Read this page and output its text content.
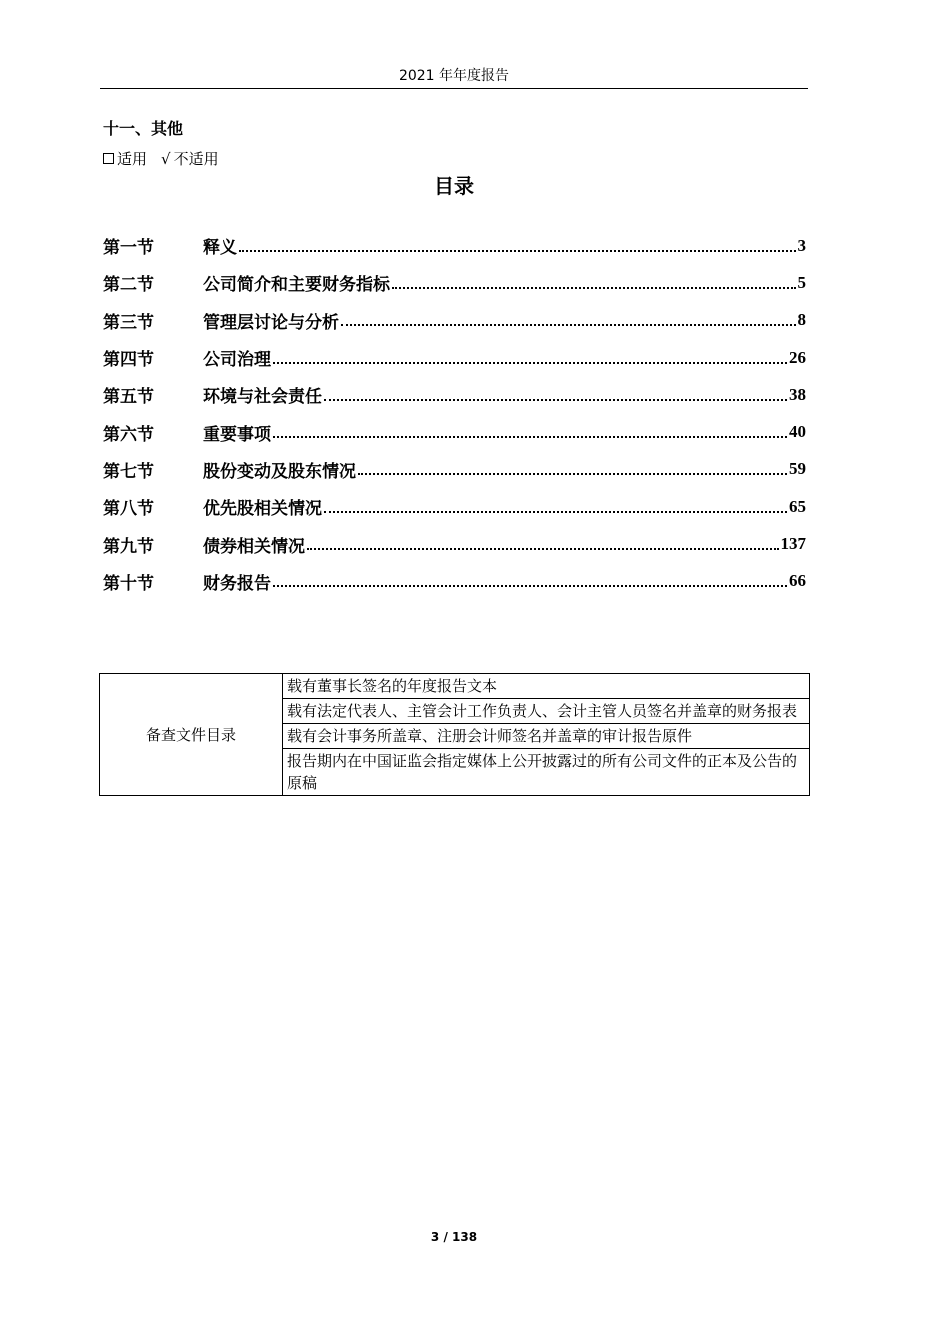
2021 年年度报告
十一、其他
适用 √ 不适用
目录
第一节	释义	3
第二节	公司简介和主要财务指标	5
第三节	管理层讨论与分析	8
第四节	公司治理	26
第五节	环境与社会责任	38
第六节	重要事项	40
第七节	股份变动及股东情况	59
第八节	优先股相关情况	65
第九节	债券相关情况	137
第十节	财务报告	66
备查文件目录	载有董事长签名的年度报告文本
载有法定代表人、主管会计工作负责人、会计主管人员签名并盖章的财务报表
载有会计事务所盖章、注册会计师签名并盖章的审计报告原件
报告期内在中国证监会指定媒体上公开披露过的所有公司文件的正本及公告的原稿
3 / 138
